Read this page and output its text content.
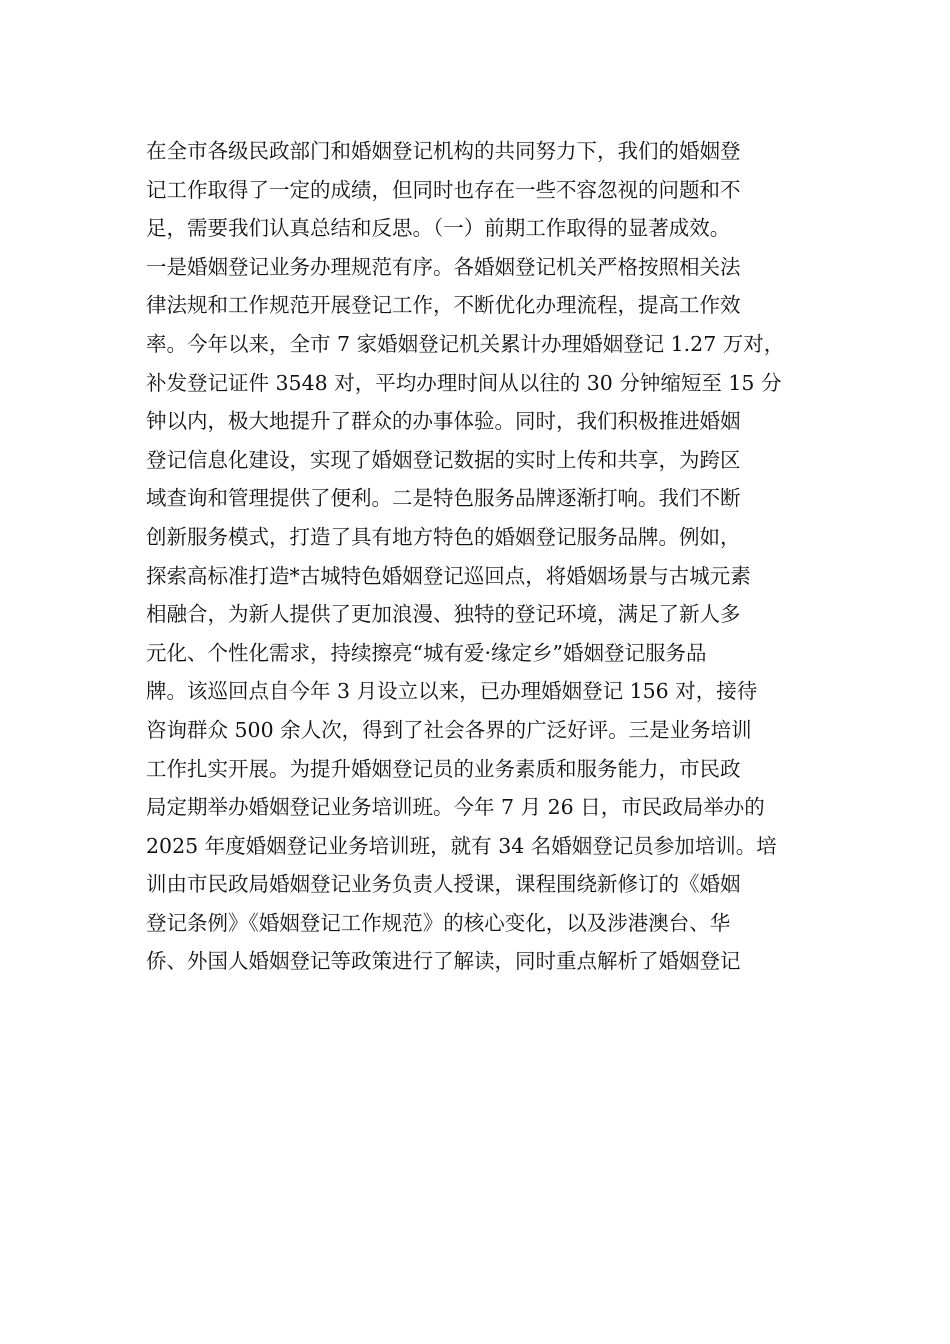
在全市各级民政部门和婚姻登记机构的共同努力下，我们的婚姻登
记工作取得了一定的成绩，但同时也存在一些不容忽视的问题和不
足，需要我们认真总结和反思。（一）前期工作取得的显著成效。
一是婚姻登记业务办理规范有序。各婚姻登记机关严格按照相关法
律法规和工作规范开展登记工作，不断优化办理流程，提高工作效
率。今年以来，全市 7 家婚姻登记机关累计办理婚姻登记 1.27 万对，
补发登记证件 3548 对，平均办理时间从以往的 30 分钟缩短至 15 分
钟以内，极大地提升了群众的办事体验。同时，我们积极推进婚姻
登记信息化建设，实现了婚姻登记数据的实时上传和共享，为跨区
域查询和管理提供了便利。二是特色服务品牌逐渐打响。我们不断
创新服务模式，打造了具有地方特色的婚姻登记服务品牌。例如，
探索高标准打造*古城特色婚姻登记巡回点，将婚姻场景与古城元素
相融合，为新人提供了更加浪漫、独特的登记环境，满足了新人多
元化、个性化需求，持续擦亮“城有爱·缘定乡”婚姻登记服务品
牌。该巡回点自今年 3 月设立以来，已办理婚姻登记 156 对，接待
咨询群众 500 余人次，得到了社会各界的广泛好评。三是业务培训
工作扎实开展。为提升婚姻登记员的业务素质和服务能力，市民政
局定期举办婚姻登记业务培训班。今年 7 月 26 日，市民政局举办的
2025 年度婚姻登记业务培训班，就有 34 名婚姻登记员参加培训。培
训由市民政局婚姻登记业务负责人授课，课程围绕新修订的《婚姻
登记条例》《婚姻登记工作规范》的核心变化，以及涉港澳台、华
侨、外国人婚姻登记等政策进行了解读，同时重点解析了婚姻登记
